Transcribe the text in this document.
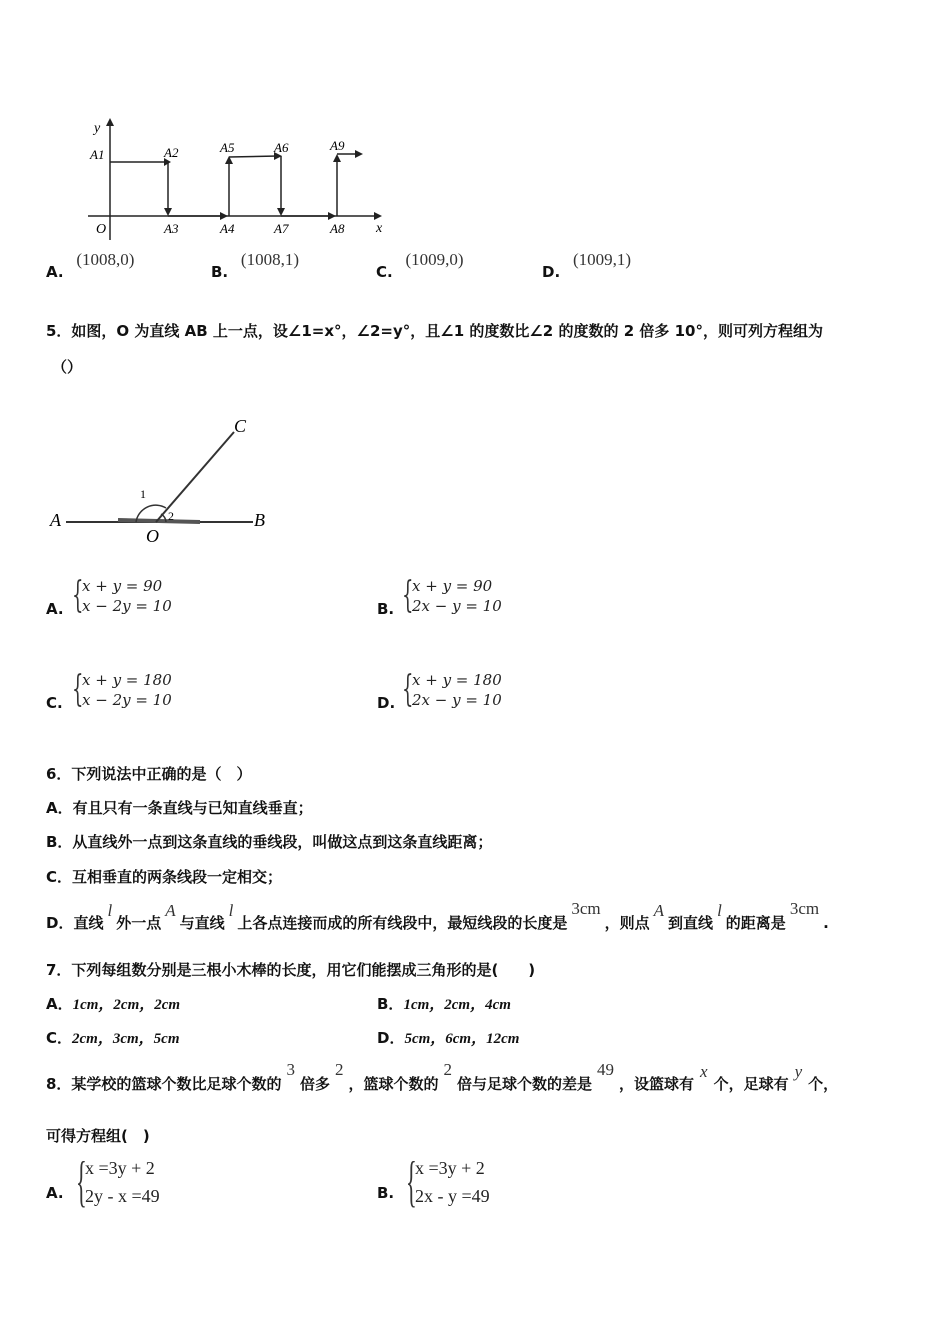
y
x
O
A1	A2
A3	A4
A5	A6
A7	A8
A9
A. (1008,0)
B. (1008,1)
C. (1009,0)
D. (1009,1)
5．如图，O 为直线 AB 上一点，设∠1=x°，∠2=y°，且∠1 的度数比∠2 的度数的 2 倍多 10°，则可列方程组为
（）
A	B
C
O
1
2
A. {
x + y = 90
x − 2y = 10	B. {
x + y = 90
2x − y = 10
C. {
x + y = 180
x − 2y = 10	D. {
x + y = 180
2x − y = 10
6．下列说法中正确的是（　）
A．有且只有一条直线与已知直线垂直；
B．从直线外一点到这条直线的垂线段，叫做这点到这条直线距离；
C．互相垂直的两条线段一定相交；
D．直线l外一点A与直线l上各点连接而成的所有线段中，最短线段的长度是3cm，则点A到直线l的距离是3cm.
7．下列每组数分别是三根小木棒的长度，用它们能摆成三角形的是(　　)
A．1cm，2cm，2cm	B．1cm，2cm，4cm
C．2cm，3cm，5cm	D．5cm，6cm，12cm
8．某学校的篮球个数比足球个数的3倍多2，篮球个数的2倍与足球个数的差是49，设篮球有x个，足球有y个，
可得方程组(　)
A. {
x =3y + 2
2y - x =49	B. {
x =3y + 2
2x - y =49
